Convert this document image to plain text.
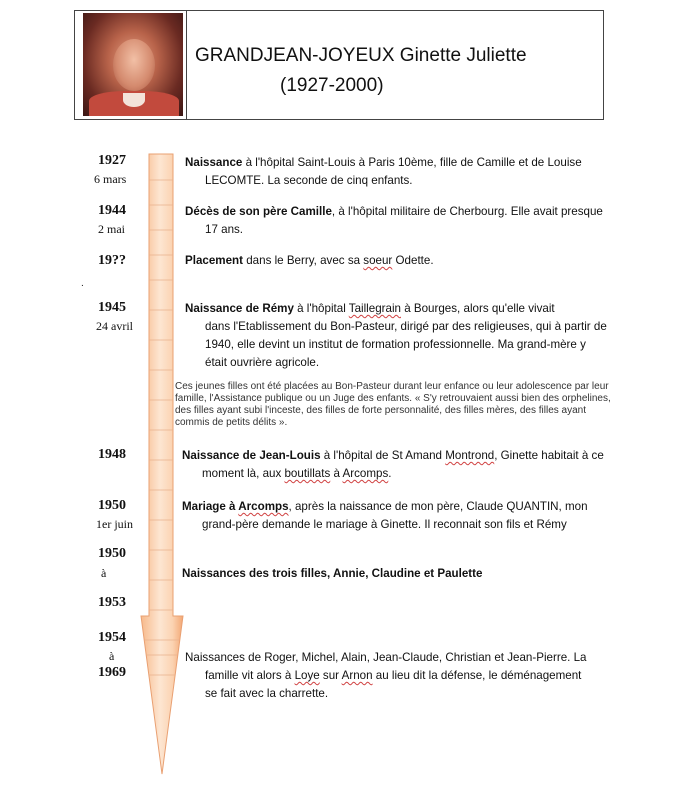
GRANDJEAN-JOYEUX Ginette Juliette
(1927-2000)
1927
6 mars
1944
2 mai
19??
.
1945
24 avril
1948
1950
1er juin
1950
à
1953
1954
à
1969
Naissance à l'hôpital Saint-Louis à Paris 10ème, fille de Camille et de Louise
LECOMTE. La seconde de cinq enfants.
Décès de son père Camille, à l'hôpital militaire de Cherbourg. Elle avait presque
17 ans.
Placement dans le Berry, avec sa soeur Odette.
Naissance de Rémy à l'hôpital Taillegrain à Bourges, alors qu'elle vivait
dans l'Etablissement du Bon-Pasteur, dirigé par des religieuses, qui à partir de
1940, elle devint un institut de formation professionnelle. Ma grand-mère y
était ouvrière agricole.
Ces jeunes filles ont été placées au Bon-Pasteur durant leur enfance ou leur adolescence par leur famille, l'Assistance publique ou un Juge des enfants. « S'y retrouvaient aussi bien des orphelines, des filles ayant subi l'inceste, des filles de forte personnalité, des filles mères, des filles ayant commis de petits délits ».
Naissance de Jean-Louis à l'hôpital de St Amand Montrond, Ginette habitait à ce
moment là, aux boutillats à Arcomps.
Mariage à Arcomps, après la naissance de mon père, Claude QUANTIN, mon
grand-père demande le mariage à Ginette. Il reconnait son fils et Rémy
Naissances des trois filles, Annie, Claudine et Paulette
Naissances de Roger, Michel, Alain, Jean-Claude, Christian et Jean-Pierre. La
famille vit alors à Loye sur Arnon au lieu dit la défense, le déménagement
se fait avec la charrette.
